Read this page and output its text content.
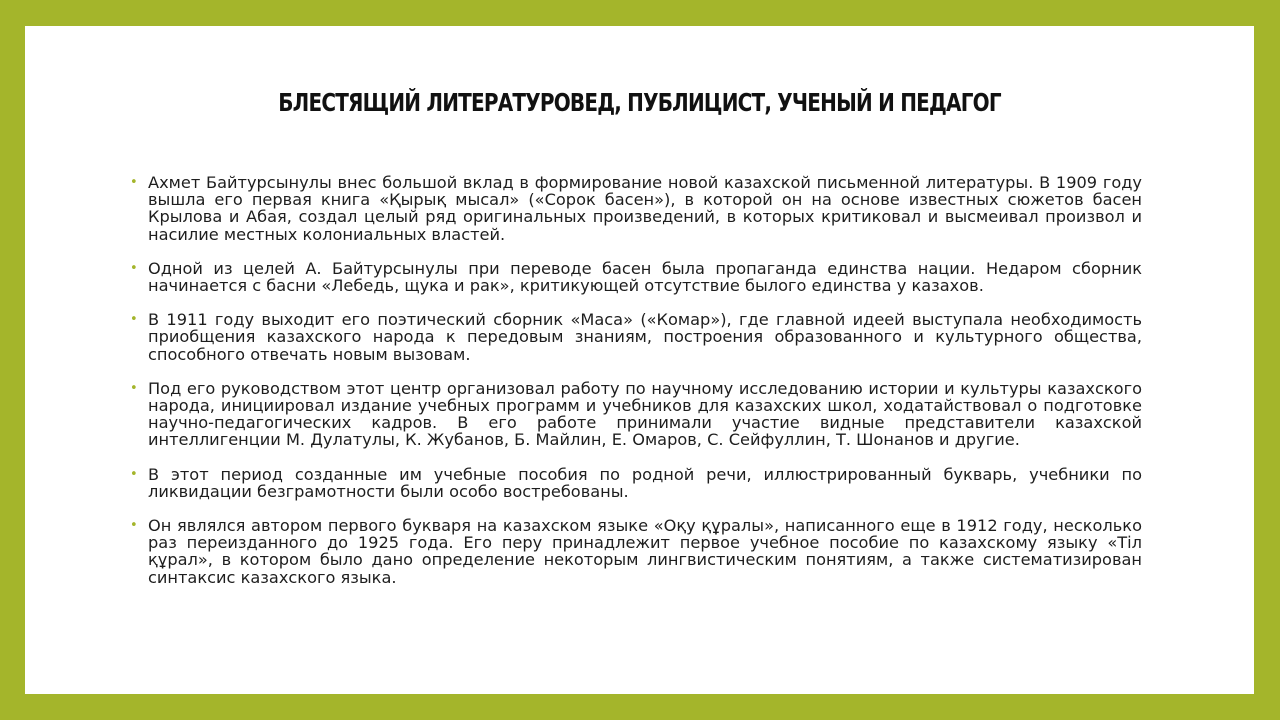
БЛЕСТЯЩИЙ ЛИТЕРАТУРОВЕД, ПУБЛИЦИСТ, УЧЕНЫЙ И ПЕДАГОГ
• Ахмет Байтурсынулы внес большой вклад в формирование новой казахской письменной литературы. В 1909 году вышла его первая книга «Қырық мысал» («Сорок басен»), в которой он на основе известных сюжетов басен Крылова и Абая, создал целый ряд оригинальных произведений, в которых критиковал и высмеивал произвол и насилие местных колониальных властей.
• Одной из целей А. Байтурсынулы при переводе басен была пропаганда единства нации. Недаром сборник начинается с басни «Лебедь, щука и рак», критикующей отсутствие былого единства у казахов.
• В 1911 году выходит его поэтический сборник «Маса» («Комар»), где главной идеей выступала необходимость приобщения казахского народа к передовым знаниям, построения образованного и культурного общества, способного отвечать новым вызовам.
• Под его руководством этот центр организовал работу по научному исследованию истории и культуры казахского народа, инициировал издание учебных программ и учебников для казахских школ, ходатайствовал о подготовке научно-педагогических кадров. В его работе принимали участие видные представители казахской интеллигенции М. Дулатулы, К. Жубанов, Б. Майлин, Е. Омаров, С. Сейфуллин, Т. Шонанов и другие.
• В этот период созданные им учебные пособия по родной речи, иллюстрированный букварь, учебники по ликвидации безграмотности были особо востребованы.
• Он являлся автором первого букваря на казахском языке «Оқу құралы», написанного еще в 1912 году, несколько раз переизданного до 1925 года. Его перу принадлежит первое учебное пособие по казахскому языку «Тіл құрал», в котором было дано определение некоторым лингвистическим понятиям, а также систематизирован синтаксис казахского языка.
